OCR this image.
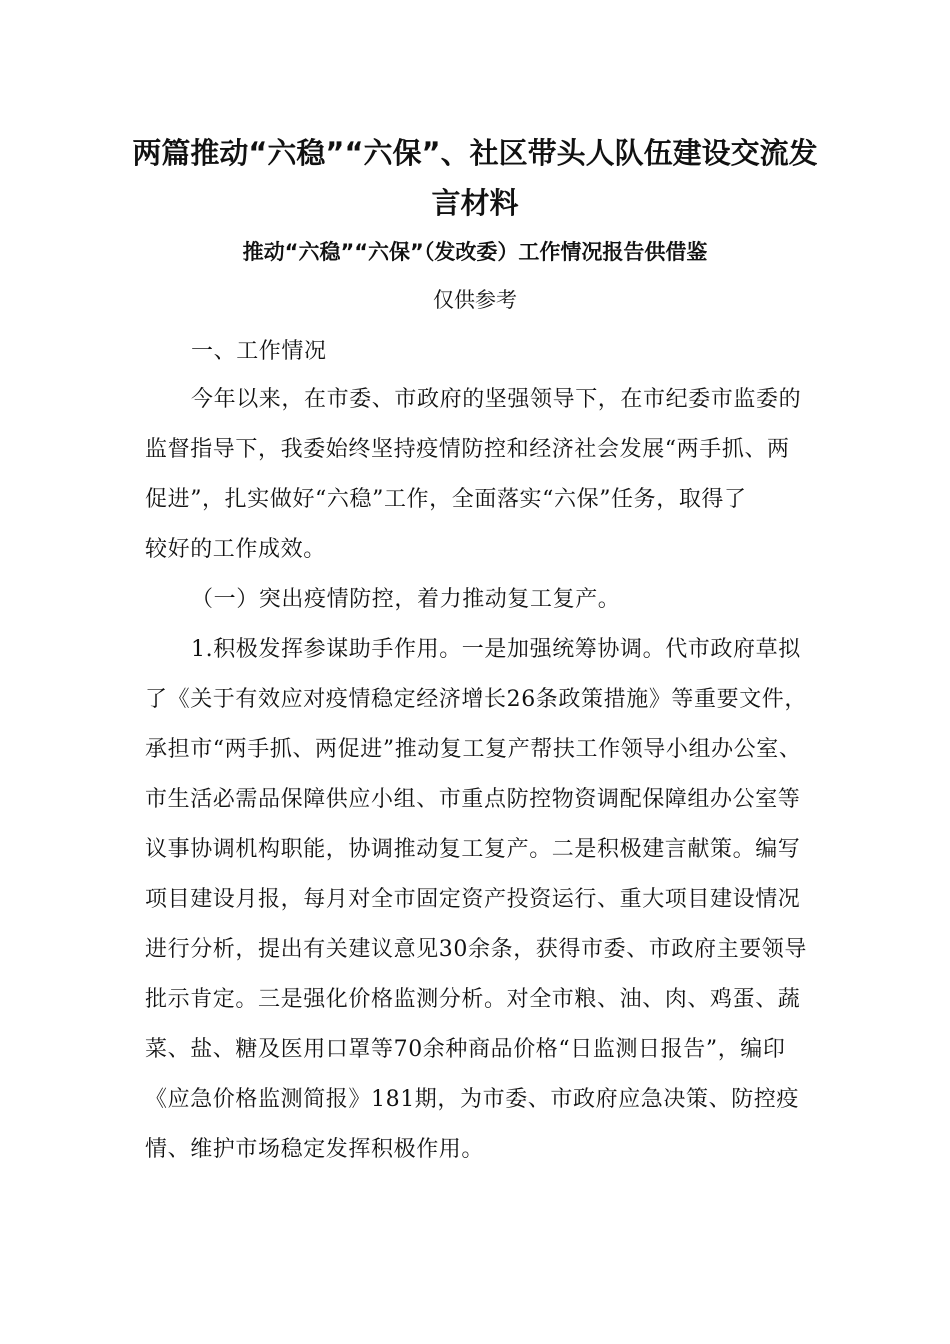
两篇推动“六稳”“六保”、社区带头人队伍建设交流发
言材料
推动“六稳”“六保”（发改委）工作情况报告供借鉴
仅供参考
一、工作情况
今年以来，在市委、市政府的坚强领导下，在市纪委市监委的
监督指导下，我委始终坚持疫情防控和经济社会发展“两手抓、两
促进”，扎实做好“六稳”工作，全面落实“六保”任务，取得了
较好的工作成效。
（一）突出疫情防控，着力推动复工复产。
1.积极发挥参谋助手作用。一是加强统筹协调。代市政府草拟
了《关于有效应对疫情稳定经济增长26条政策措施》等重要文件，
承担市“两手抓、两促进”推动复工复产帮扶工作领导小组办公室、
市生活必需品保障供应小组、市重点防控物资调配保障组办公室等
议事协调机构职能，协调推动复工复产。二是积极建言献策。编写
项目建设月报，每月对全市固定资产投资运行、重大项目建设情况
进行分析，提出有关建议意见30余条，获得市委、市政府主要领导
批示肯定。三是强化价格监测分析。对全市粮、油、肉、鸡蛋、蔬
菜、盐、糖及医用口罩等70余种商品价格“日监测日报告”，编印
《应急价格监测简报》181期，为市委、市政府应急决策、防控疫
情、维护市场稳定发挥积极作用。
